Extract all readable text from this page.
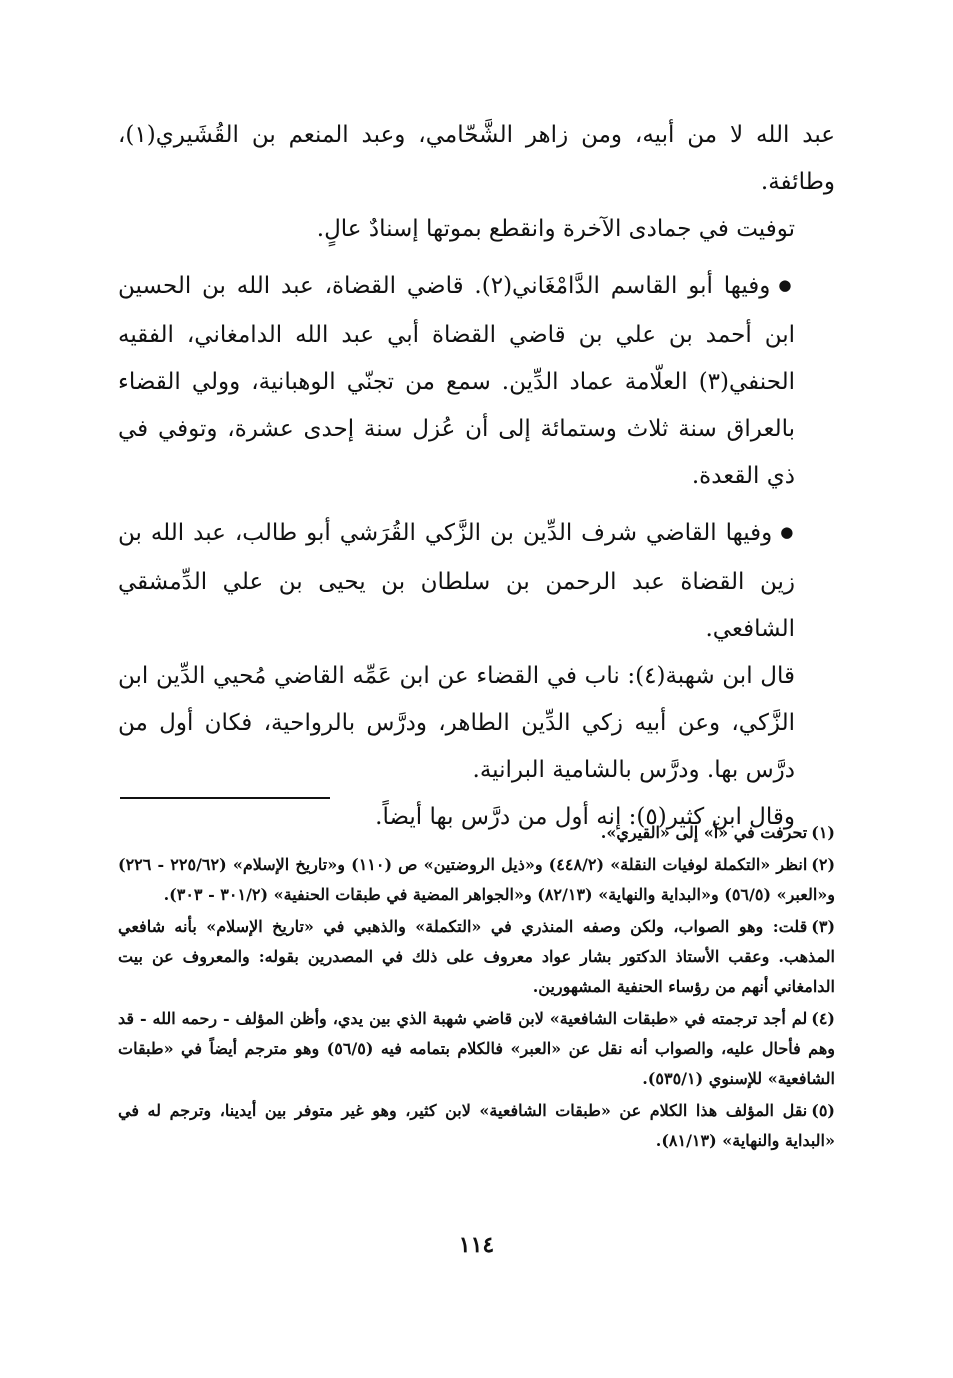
عبد الله لا من أبيه، ومن زاهر الشَّحّامي، وعبد المنعم بن القُشَيري(١)، وطائفة.

توفيت في جمادى الآخرة وانقطع بموتها إسنادٌ عالٍ.

●وفيها أبو القاسم الدَّامْغَاني(٢). قاضي القضاة، عبد الله بن الحسين ابن أحمد بن علي بن قاضي القضاة أبي عبد الله الدامغاني، الفقيه الحنفي(٣) العلّامة عماد الدِّين. سمع من تجنّي الوهبانية، وولي القضاء بالعراق سنة ثلاث وستمائة إلى أن عُزل سنة إحدى عشرة، وتوفي في ذي القعدة.

●وفيها القاضي شرف الدِّين بن الزَّكي القُرَشي أبو طالب، عبد الله بن زين القضاة عبد الرحمن بن سلطان بن يحيى بن علي الدِّمشقي الشافعي.

قال ابن شهبة(٤): ناب في القضاء عن ابن عَمِّه القاضي مُحيي الدِّين ابن الزَّكي، وعن أبيه زكي الدِّين الطاهر، ودرَّس بالرواحية، فكان أول من درَّس بها. ودرَّس بالشامية البرانية.

وقال ابن كثير(٥): إنه أول من درَّس بها أيضاً.

(١)تحرفت في «آ» إلى «القيري».

(٢)انظر «التكملة لوفيات النقلة» (٤٤٨/٢) و«ذيل الروضتين» ص (١١٠) و«تاريخ الإسلام» (٢٢٥/٦٢ - ٢٢٦) و«العبر» (٥٦/٥) و«البداية والنهاية» (٨٢/١٣) و«الجواهر المضية في طبقات الحنفية» (٣٠١/٢ - ٣٠٣).

(٣)قلت: وهو الصواب، ولكن وصفه المنذري في «التكملة» والذهبي في «تاريخ الإسلام» بأنه شافعي المذهب. وعقب الأستاذ الدكتور بشار عواد معروف على ذلك في المصدرين بقوله: والمعروف عن بيت الدامغاني أنهم من رؤساء الحنفية المشهورين.

(٤)لم أجد ترجمته في «طبقات الشافعية» لابن قاضي شهبة الذي بين يدي، وأظن المؤلف - رحمه الله - قد وهم فأحال عليه، والصواب أنه نقل عن «العبر» فالكلام بتمامه فيه (٥٦/٥) وهو مترجم أيضاً في «طبقات الشافعية» للإسنوي (٥٣٥/١).

(٥)نقل المؤلف هذا الكلام عن «طبقات الشافعية» لابن كثير، وهو غير متوفر بين أيدينا، وترجم له في «البداية والنهاية» (٨١/١٣).

١١٤
